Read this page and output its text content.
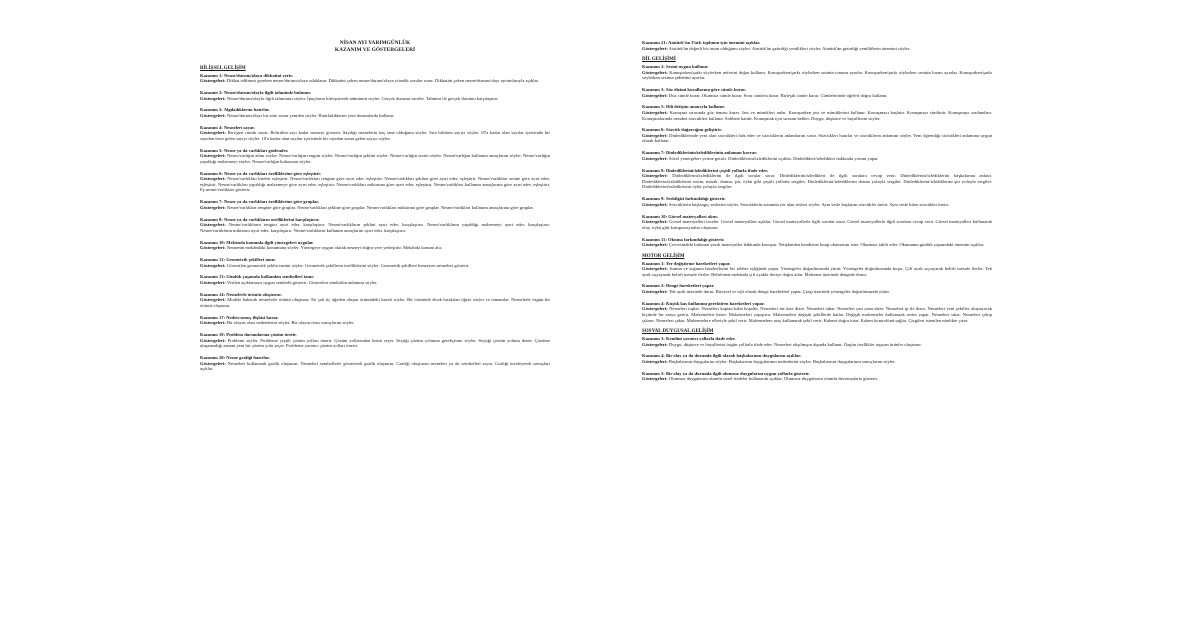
NİSAN AYI YARIMGÜNLÜK
KAZANIM VE GÖSTERGELERİ
BİLİŞSEL GELİŞİM
Kazanım 1: Nesne/durum/olaya dikkatini verir.
Göstergeleri: Dikkat edilmesi gereken nesne/durum/olaya odaklanır. Dikkatini çeken nesne/durum/olaya yönelik sorular sorar. Dikkatini çeken nesne/durum/olayı ayrıntılarıyla açıklar.
Kazanım 2: Nesne/durum/olayla ilgili tahminde bulunur.
Göstergeleri: Nesne/durum/olayla ilgili tahminini söyler. İpuçlarını birleştirerek tahminini söyler. Gerçek durumu inceler. Tahmini ile gerçek durumu karşılaştırır.
Kazanım 3: Algıladıklarını hatırlar.
Göstergeleri: Nesne/durum/olayı bir süre sonra yeniden söyler. Hatırladıklarını yeni durumlarda kullanır.
Kazanım 4: Nesneleri sayar.
Göstergeleri: İleri/geri ritmik sayar. Belirtilen sayı kadar nesneyi gösterir. Saydığı nesnelerin kaç tane olduğunu söyler. Sıra bildiren sayıyı söyler. 10'a kadar olan sayılar içerisinde bir sayıdan önce gelen sayıyı söyler. 10'a kadar olan sayılar içerisinde bir sayıdan sonra gelen sayıyı söyler.
Kazanım 5: Nesne ya da varlıkları gözlemler.
Göstergeleri: Nesne/varlığın adını söyler. Nesne/varlığın rengini söyler. Nesne/varlığın şeklini söyler. Nesne/varlığın sesini söyler. Nesne/varlığın kullanım amaçlarını söyler. Nesne/varlığın yapıldığı malzemeyi söyler. Nesne/varlığın kokusunu söyler.
Kazanım 6: Nesne ya da varlıkları özelliklerine göre eşleştirir.
Göstergeleri: Nesne/varlıkları birebir eşleştirir. Nesne/varlıkları rengine göre ayırt eder, eşleştirir. Nesne/varlıkları şekline göre ayırt eder, eşleştirir. Nesne/varlıkları sesine göre ayırt eder, eşleştirir. Nesne/varlıkları yapıldığı malzemeye göre ayırt eder, eşleştirir. Nesne/varlıkları miktarına göre ayırt eder, eşleştirir. Nesne/varlıkları kullanım amaçlarına göre ayırt eder, eşleştirir. Eş nesne/varlıkları gösterir.
Kazanım 7: Nesne ya da varlıkları özelliklerine göre gruplar.
Göstergeleri: Nesne/varlıkları rengine göre gruplar. Nesne/varlıkları şekline göre gruplar. Nesne/varlıkları miktarına göre gruplar. Nesne/varlıkları kullanım amaçlarına göre gruplar.
Kazanım 8: Nesne ya da varlıkların özelliklerini karşılaştırır.
Göstergeleri: Nesne/varlıkların rengini ayırt eder, karşılaştırır. Nesne/varlıkların şeklini ayırt eder, karşılaştırır. Nesne/varlıkların yapıldığı malzemeyi ayırt eder, karşılaştırır. Nesne/varlıkların miktarını ayırt eder, karşılaştırır. Nesne/varlıkların kullanım amaçlarını ayırt eder, karşılaştırır.
Kazanım 10: Mekânda konumla ilgili yönergeleri uygular.
Göstergeleri: Nesnenin mekândaki konumunu söyler. Yönergeye uygun olarak nesneyi doğru yere yerleştirir. Mekânda konum alır.
Kazanım 12: Geometrik şekilleri tanır.
Göstergeleri: Gösterilen geometrik şeklin ismini söyler. Geometrik şekillerin özelliklerini söyler. Geometrik şekillere benzeyen nesneleri gösterir.
Kazanım 13: Günlük yaşamda kullanılan sembolleri tanır.
Göstergeleri: Verilen açıklamaya uygun sembolü gösterir. Gösterilen sembolün anlamını söyler.
Kazanım 14: Nesnelerle örüntü oluşturur.
Göstergeleri: Modele bakarak nesnelerle örüntü oluşturur. En çok üç öğeden oluşan örüntüdeki kuralı söyler. Bir örüntüde eksik bırakılan öğeyi söyler ve tamamlar. Nesnelerle özgün bir örüntü oluşturur.
Kazanım 17: Neden-sonuç ilişkisi kurar.
Göstergeleri: Bir olayın olası nedenlerini söyler. Bir olayın olası sonuçlarını söyler.
Kazanım 19: Problem durumlarına çözüm üretir.
Göstergeleri: Problemi söyler. Probleme çeşitli çözüm yolları önerir. Çözüm yollarından birini seçer. Seçtiği çözüm yolunun gerekçesini söyler. Seçtiği çözüm yolunu dener. Çözüme ulaşamadığı zaman yeni bir çözüm yolu seçer. Probleme yaratıcı çözüm yolları önerir.
Kazanım 20: Nesne grafiği hazırlar.
Göstergeleri: Nesneleri kullanarak grafik oluşturur. Nesneleri sembollerle göstererek grafik oluşturur. Grafiği oluşturan nesneleri ya da sembolleri sayar. Grafiği inceleyerek sonuçları açıklar.
Kazanım 21: Atatürk'ün Türk toplumu için önemini açıklar.
Göstergeleri: Atatürk'ün değerli bir insan olduğunu söyler. Atatürk'ün getirdiği yenilikleri söyler. Atatürk'ün getirdiği yeniliklerin önemini söyler.
DİL GELİŞİMİ
Kazanım 2: Sesini uygun kullanır.
Göstergeleri: Konuşurken/şarkı söylerken nefesini doğru kullanır. Konuşurken/şarkı söylerken sesinin tonunu ayarlar. Konuşurken/şarkı söylerken sesinin hızını ayarlar. Konuşurken/şarkı söylerken sesinin şiddetini ayarlar.
Kazanım 3: Söz dizimi kurallarına göre cümle kurar.
Göstergeleri: Düz cümle kurar. Olumsuz cümle kurar. Soru cümlesi kurar. Birleşik cümle kurar. Cümlelerinde öğeleri doğru kullanır.
Kazanım 5: Dili iletişim amacıyla kullanır.
Göstergeleri: Konuşma sırasında göz teması kurar. Jest ve mimikleri anlar. Konuşurken jest ve mimiklerini kullanır. Konuşmayı başlatır. Konuşmayı sürdürür. Konuşmayı sonlandırır. Konuşmalarında nezaket sözcükleri kullanır. Sohbete katılır. Konuşmak için sırasını bekler. Duygu, düşünce ve hayallerini söyler.
Kazanım 6: Sözcük dağarcığını geliştirir.
Göstergeleri: Dinlediklerinde yeni olan sözcükleri fark eder ve sözcüklerin anlamlarını sorar. Sözcükleri hatırlar ve sözcüklerin anlamını söyler. Yeni öğrendiği sözcükleri anlamına uygun olarak kullanır.
Kazanım 7: Dinlediklerinin/izlediklerinin anlamını kavrar.
Göstergeleri: Sözel yönergeleri yerine getirir. Dinlediklerini/izlediklerini açıklar. Dinledikleri/izledikleri hakkında yorum yapar.
Kazanım 8: Dinlediklerini/izlediklerini çeşitli yollarla ifade eder.
Göstergeleri: Dinlediklerini/izlediklerini ile ilgili sorular sorar. Dinlediklerini/izledikleri ile ilgili sorulara cevap verir. Dinlediklerini/izlediklerini başkalarına anlatır. Dinlediklerini/izlediklerini resim, müzik, drama, şiir, öykü gibi çeşitli yollarla sergiler. Dinlediklerini/izlediklerini drama yoluyla sergiler. Dinlediklerini/izlediklerini şiir yoluyla sergiler. Dinlediklerini/izlediklerini öykü yoluyla sergiler.
Kazanım 9: Sesbilgisi farkındalığı gösterir.
Göstergeleri: Sözcüklerin başlangıç seslerini söyler. Sözcüklerin sonunda yer alan sesleri söyler. Aynı sesle başlayan sözcükler üretir. Aynı sesle biten sözcükler üretir.
Kazanım 10: Görsel materyalleri okur.
Göstergeleri: Görsel materyalleri inceler. Görsel materyalleri açıklar. Görsel materyallerle ilgili sorular sorar. Görsel materyallerle ilgili sorulara cevap verir. Görsel materyalleri kullanarak olay, öykü gibi kompozisyonlar oluşturur.
Kazanım 11: Okuma farkındalığı gösterir.
Göstergeleri: Çevresindeki bulunan yazılı materyaller hakkında konuşur. Yetişkinden kendisine kitap okumasını ister. Okumayı taklit eder. Okumanın günlük yaşamdaki önemini açıklar.
MOTOR GELİŞİM
Kazanım 1: Yer değiştirme hareketleri yapar.
Göstergeleri: Isınma ve soğuma hareketlerini bir rehber eşliğinde yapar. Yönergeler doğrultusunda yürür. Yönergeler doğrultusunda koşar. Çift ayak sıçrayarak belirli mesafe ilerler. Tek ayak sıçrayarak belirli mesafe ilerler. Belirlenen mekânda çift ayakla ileriye doğru atlar. Malzeme üzerinde dengede durur.
Kazanım 2: Denge hareketleri yapar.
Göstergeleri: Tek ayak üzerinde durur. Bireysel ve eşli olarak denge hareketleri yapar. Çizgi üzerinde yönergeler doğrultusunda yürür.
Kazanım 4: Küçük kas kullanımı gerektiren hareketleri yapar.
Göstergeleri: Nesneleri toplar. Nesneleri kaptan kaba boşaltır. Nesneleri üst üste dizer. Nesneleri takar. Nesneleri yan yana dizer. Nesneleri ip ile dizer. Nesneleri yeni şekiller oluşturacak biçimde bir araya getirir. Malzemeleri keser. Malzemeleri yapıştırır. Malzemeleri değişik şekillerde katlar. Değişik malzemeler kullanarak resim yapar. Nesneleri sıkar. Nesneleri çekip çıkarır. Nesneleri çakar. Malzemelere elleriyle şekil verir. Malzemelere araç kullanarak şekil verir. Kalemi doğru tutar. Kalem kontrolünü sağlar. Çizgileri istenilen nitelikte çizer.
SOSYAL DUYGUSAL GELİŞİM
Kazanım 3: Kendini yaratıcı yollarla ifade eder.
Göstergeleri: Duygu, düşünce ve hayallerini özgün yollarla ifade eder. Nesneleri alışılmışın dışında kullanır. Özgün özellikler taşıyan ürünler oluşturur.
Kazanım 4: Bir olay ya da durumla ilgili olarak başkalarının duygularını açıklar.
Göstergeleri: Başkalarının duygularını söyler. Başkalarının duygularının nedenlerini söyler. Başkalarının duygularının sonuçlarını söyler.
Kazanım 5: Bir olay ya da durumla ilgili olumsuz duygularını uygun yollarla gösterir.
Göstergeleri: Olumsuz duygularını olumlu sözel ifadeler kullanarak açıklar. Olumsuz duygularını olumlu davranışlarla gösterir.
